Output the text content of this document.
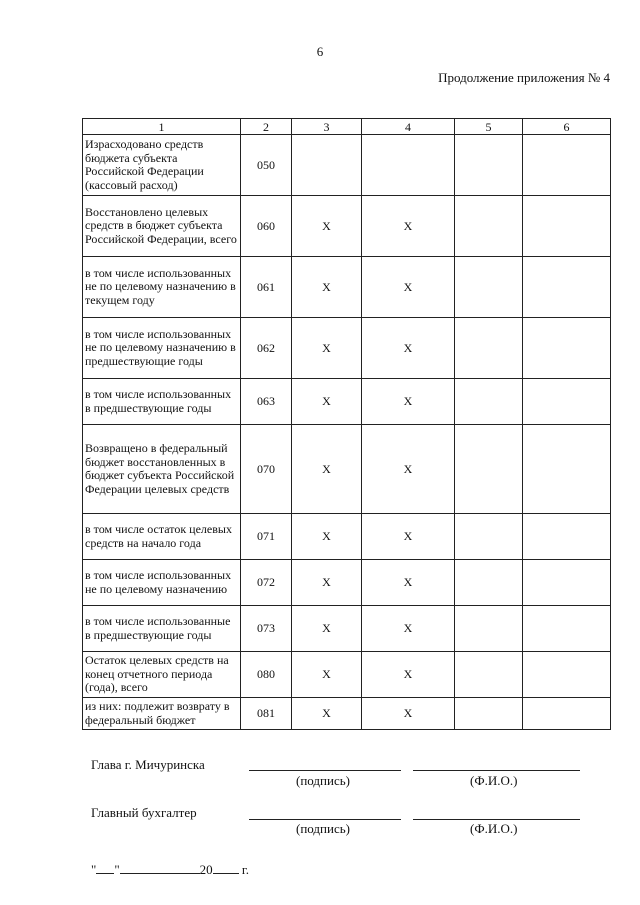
6
Продолжение приложения № 4
1	2	3	4	5	6
Израсходовано средств бюджета субъекта Российской Федерации (кассовый расход)	050				
Восстановлено целевых средств в бюджет субъекта Российской Федерации, всего	060	X	X		
в том числе использованных не по целевому назначению в текущем году	061	X	X		
в том числе использованных не по целевому назначению в предшествующие годы	062	X	X		
в том числе использованных в предшествующие годы	063	X	X		
Возвращено в федеральный бюджет восстановленных в бюджет субъекта Российской Федерации целевых средств	070	X	X		
в том числе остаток целевых средств на начало года	071	X	X		
в том числе использованных не по целевому назначению	072	X	X		
в том числе использованные в предшествующие годы	073	X	X		
Остаток целевых средств на конец отчетного периода (года), всего	080	X	X		
из них: подлежит возврату в федеральный бюджет	081	X	X		
Глава г. Мичуринска
(подпись)	(Ф.И.О.)
Главный бухгалтер
(подпись)	(Ф.И.О.)
" "	20 г.
